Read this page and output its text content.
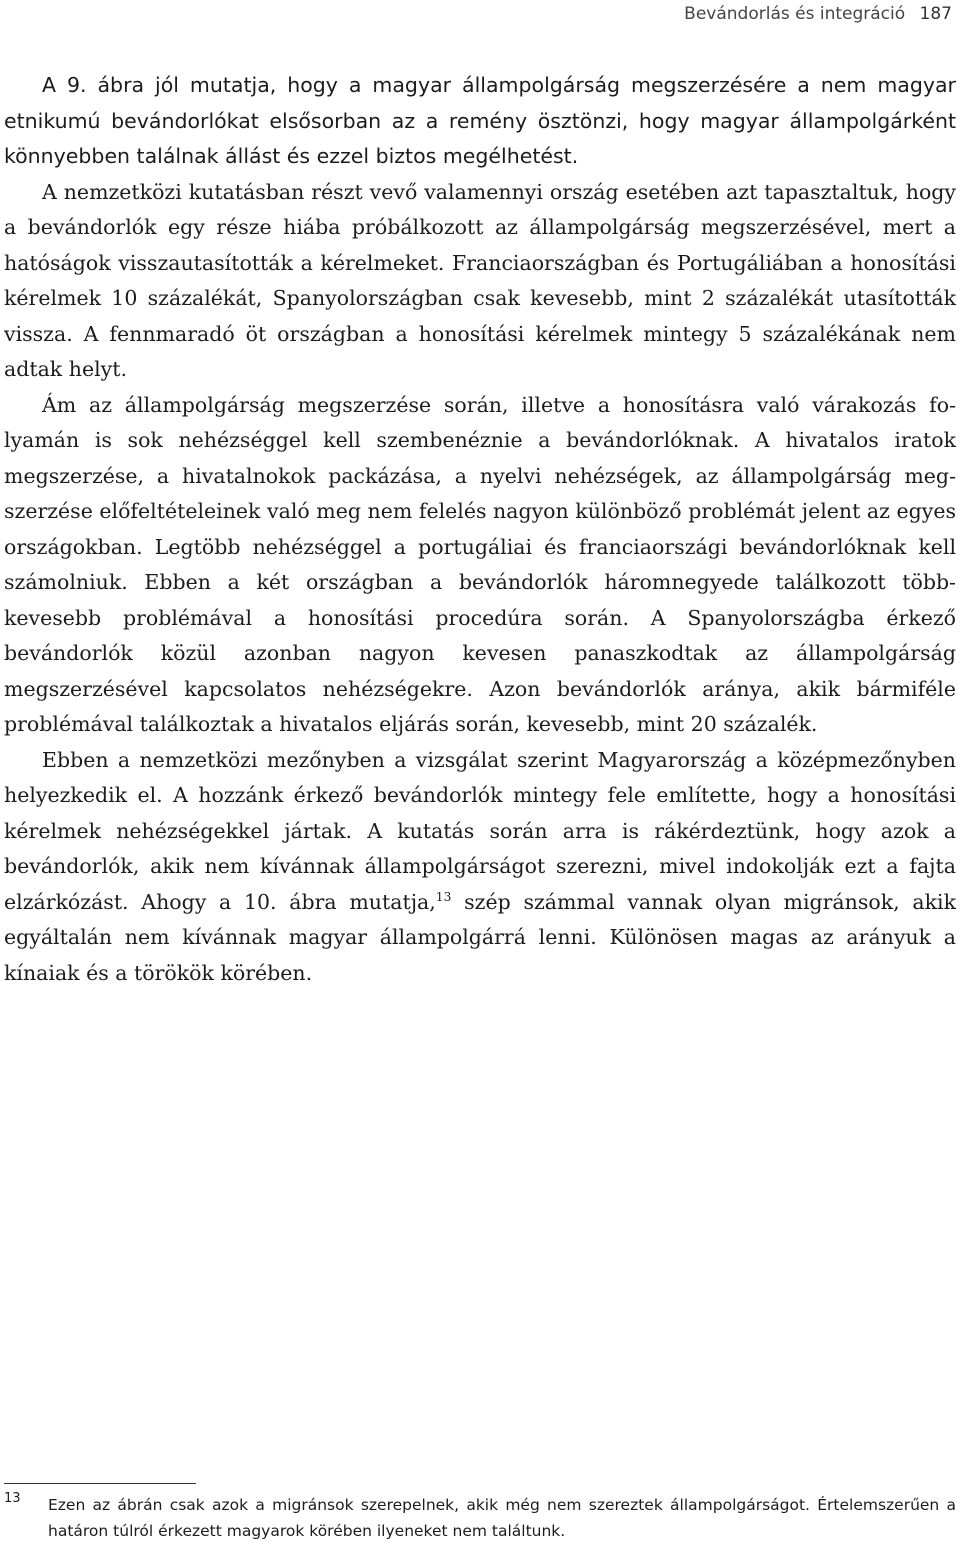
Bevándorlás és integráció 187

A 9. ábra jól mutatja, hogy a magyar állampolgárság megszerzésére a nem magyar etnikumú bevándorlókat elsősorban az a remény ösztönzi, hogy magyar állampolgárként könnyebben találnak állást és ezzel biztos megélhetést.

A nemzetközi kutatásban részt vevő valamennyi ország esetében azt tapasztaltuk, hogy a bevándorlók egy része hiába próbálkozott az állampolgárság megszerzésével, mert a hatóságok visszautasították a kérelmeket. Franciaországban és Portugáliában a honosítási kérelmek 10 százalékát, Spanyolországban csak kevesebb, mint 2 százalékát utasították vissza. A fennmaradó öt országban a honosítási kérelmek mintegy 5 százalékának nem adtak helyt.

Ám az állampolgárság megszerzése során, illetve a honosításra való várakozás folyamán is sok nehézséggel kell szembenéznie a bevándorlóknak. A hivatalos iratok megszerzése, a hivatalnokok packázása, a nyelvi nehézségek, az állampolgárság megszerzése előfeltételeinek való meg nem felelés nagyon különböző problémát jelent az egyes országokban. Legtöbb nehézséggel a portugáliai és franciaországi bevándorlóknak kell számolniuk. Ebben a két országban a bevándorlók háromnegyede találkozott több-kevesebb problémával a honosítási procedúra során. A Spanyolországba érkező bevándorlók közül azonban nagyon kevesen panaszkodtak az állampolgárság megszerzésével kapcsolatos nehézségekre. Azon bevándorlók aránya, akik bármiféle problémával találkoztak a hivatalos eljárás során, kevesebb, mint 20 százalék.

Ebben a nemzetközi mezőnyben a vizsgálat szerint Magyarország a középmezőnyben helyezkedik el. A hozzánk érkező bevándorlók mintegy fele említette, hogy a honosítási kérelmek nehézségekkel jártak. A kutatás során arra is rákérdeztünk, hogy azok a bevándorlók, akik nem kívánnak állampolgárságot szerezni, mivel indokolják ezt a fajta elzárkózást. Ahogy a 10. ábra mutatja,$^{13}$ szép számmal vannak olyan migránsok, akik egyáltalán nem kívánnak magyar állampolgárrá lenni. Különösen magas az arányuk a kínaiak és a törökök körében.

13 Ezen az ábrán csak azok a migránsok szerepelnek, akik még nem szereztek állampolgárságot. Értelemszerűen a határon túlról érkezett magyarok körében ilyeneket nem találtunk.
